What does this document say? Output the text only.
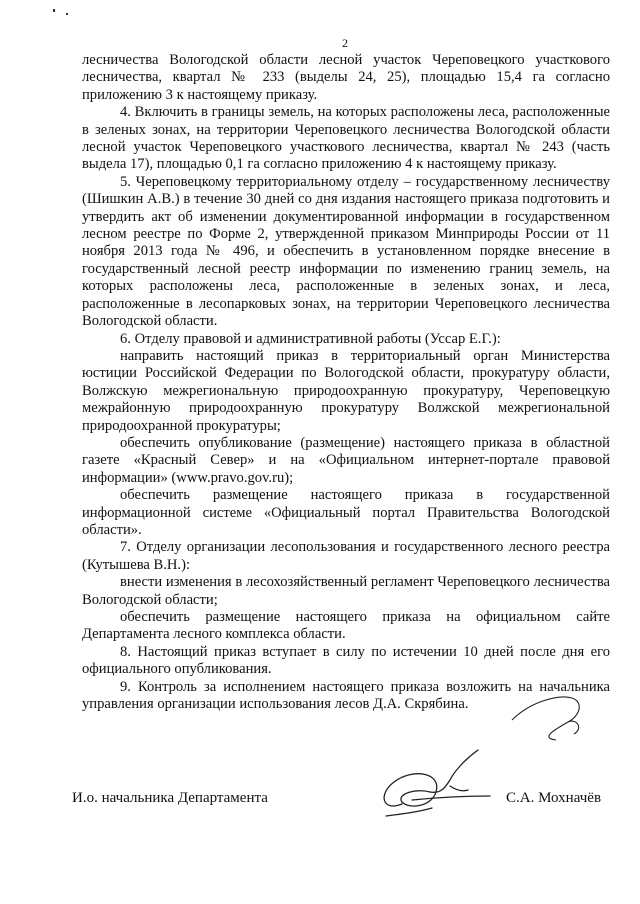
2

лесничества Вологодской области лесной участок Череповецкого участкового лесничества, квартал № 233 (выделы 24, 25), площадью 15,4 га согласно приложению 3 к настоящему приказу.

4. Включить в границы земель, на которых расположены леса, расположенные в зеленых зонах, на территории Череповецкого лесничества Вологодской области лесной участок Череповецкого участкового лесничества, квартал № 243 (часть выдела 17), площадью 0,1 га согласно приложению 4 к настоящему приказу.

5. Череповецкому территориальному отделу – государственному лесничеству (Шишкин А.В.) в течение 30 дней со дня издания настоящего приказа подготовить и утвердить акт об изменении документированной информации в государственном лесном реестре по Форме 2, утвержденной приказом Минприроды России от 11 ноября 2013 года № 496, и обеспечить в установленном порядке внесение в государственный лесной реестр информации по изменению границ земель, на которых расположены леса, расположенные в зеленых зонах, и леса, расположенные в лесопарковых зонах, на территории Череповецкого лесничества Вологодской области.

6. Отделу правовой и административной работы (Уссар Е.Г.):

направить настоящий приказ в территориальный орган Министерства юстиции Российской Федерации по Вологодской области, прокуратуру области, Волжскую межрегиональную природоохранную прокуратуру, Череповецкую межрайонную природоохранную прокуратуру Волжской межрегиональной природоохранной прокуратуры;

обеспечить опубликование (размещение) настоящего приказа в областной газете «Красный Север» и на «Официальном интернет-портале правовой информации» (www.pravo.gov.ru);

обеспечить размещение настоящего приказа в государственной информационной системе «Официальный портал Правительства Вологодской области».

7. Отделу организации лесопользования и государственного лесного реестра (Кутышева В.Н.):

внести изменения в лесохозяйственный регламент Череповецкого лесничества Вологодской области;

обеспечить размещение настоящего приказа на официальном сайте Департамента лесного комплекса области.

8. Настоящий приказ вступает в силу по истечении 10 дней после дня его официального опубликования.

9. Контроль за исполнением настоящего приказа возложить на начальника управления организации использования лесов Д.А. Скрябина.

И.о. начальника Департамента	С.А. Мохначёв
